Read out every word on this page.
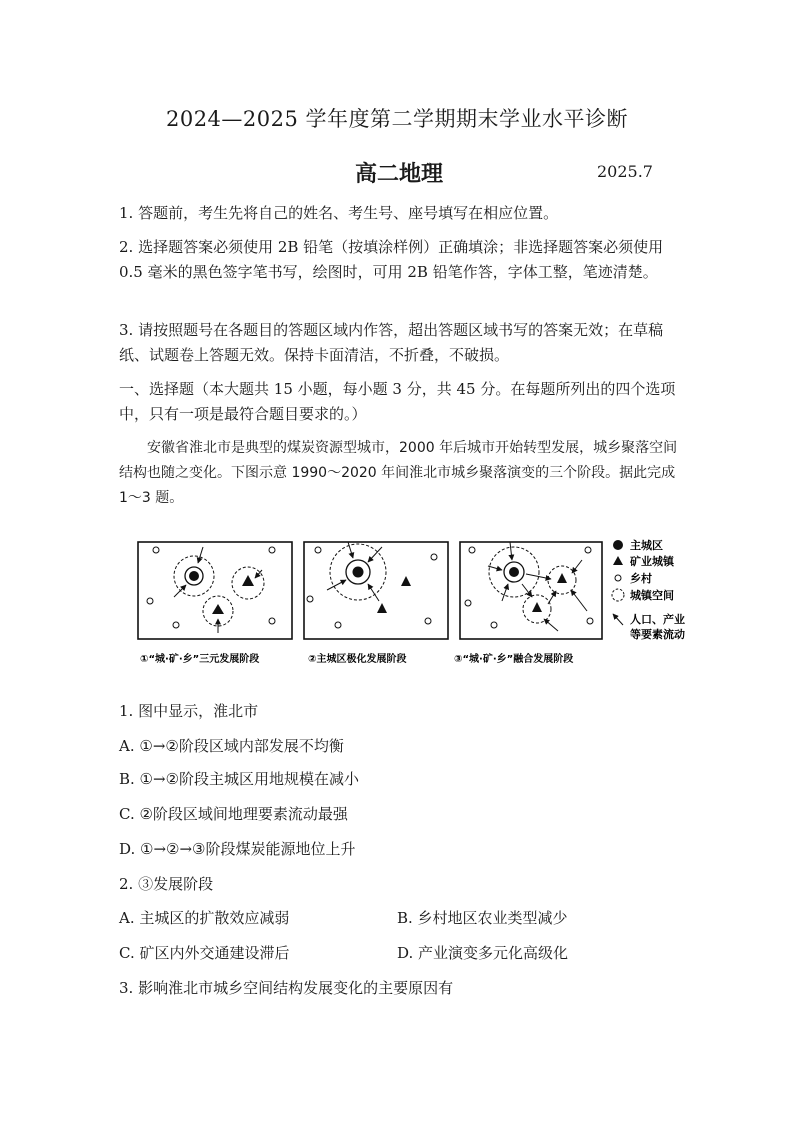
2024—2025 学年度第二学期期末学业水平诊断
高二地理	2025.7
1. 答题前，考生先将自己的姓名、考生号、座号填写在相应位置。
2. 选择题答案必须使用 2B 铅笔（按填涂样例）正确填涂；非选择题答案必须使用 0.5 毫米的黑色签字笔书写，绘图时，可用 2B 铅笔作答，字体工整，笔迹清楚。
3. 请按照题号在各题目的答题区域内作答，超出答题区域书写的答案无效；在草稿纸、试题卷上答题无效。保持卡面清洁，不折叠，不破损。
一、选择题（本大题共 15 小题，每小题 3 分，共 45 分。在每题所列出的四个选项中，只有一项是最符合题目要求的。）
安徽省淮北市是典型的煤炭资源型城市，2000 年后城市开始转型发展，城乡聚落空间结构也随之变化。下图示意 1990～2020 年间淮北市城乡聚落演变的三个阶段。据此完成 1～3 题。
主城区
矿业城镇
乡村
城镇空间
人口、产业
等要素流动
①“城·矿·乡”三元发展阶段	②主城区极化发展阶段	③“城·矿·乡”融合发展阶段
1. 图中显示，淮北市
A. ①→②阶段区域内部发展不均衡
B. ①→②阶段主城区用地规模在减小
C. ②阶段区域间地理要素流动最强
D. ①→②→③阶段煤炭能源地位上升
2. ③发展阶段
A. 主城区的扩散效应减弱	B. 乡村地区农业类型减少
C. 矿区内外交通建设滞后	D. 产业演变多元化高级化
3. 影响淮北市城乡空间结构发展变化的主要原因有
